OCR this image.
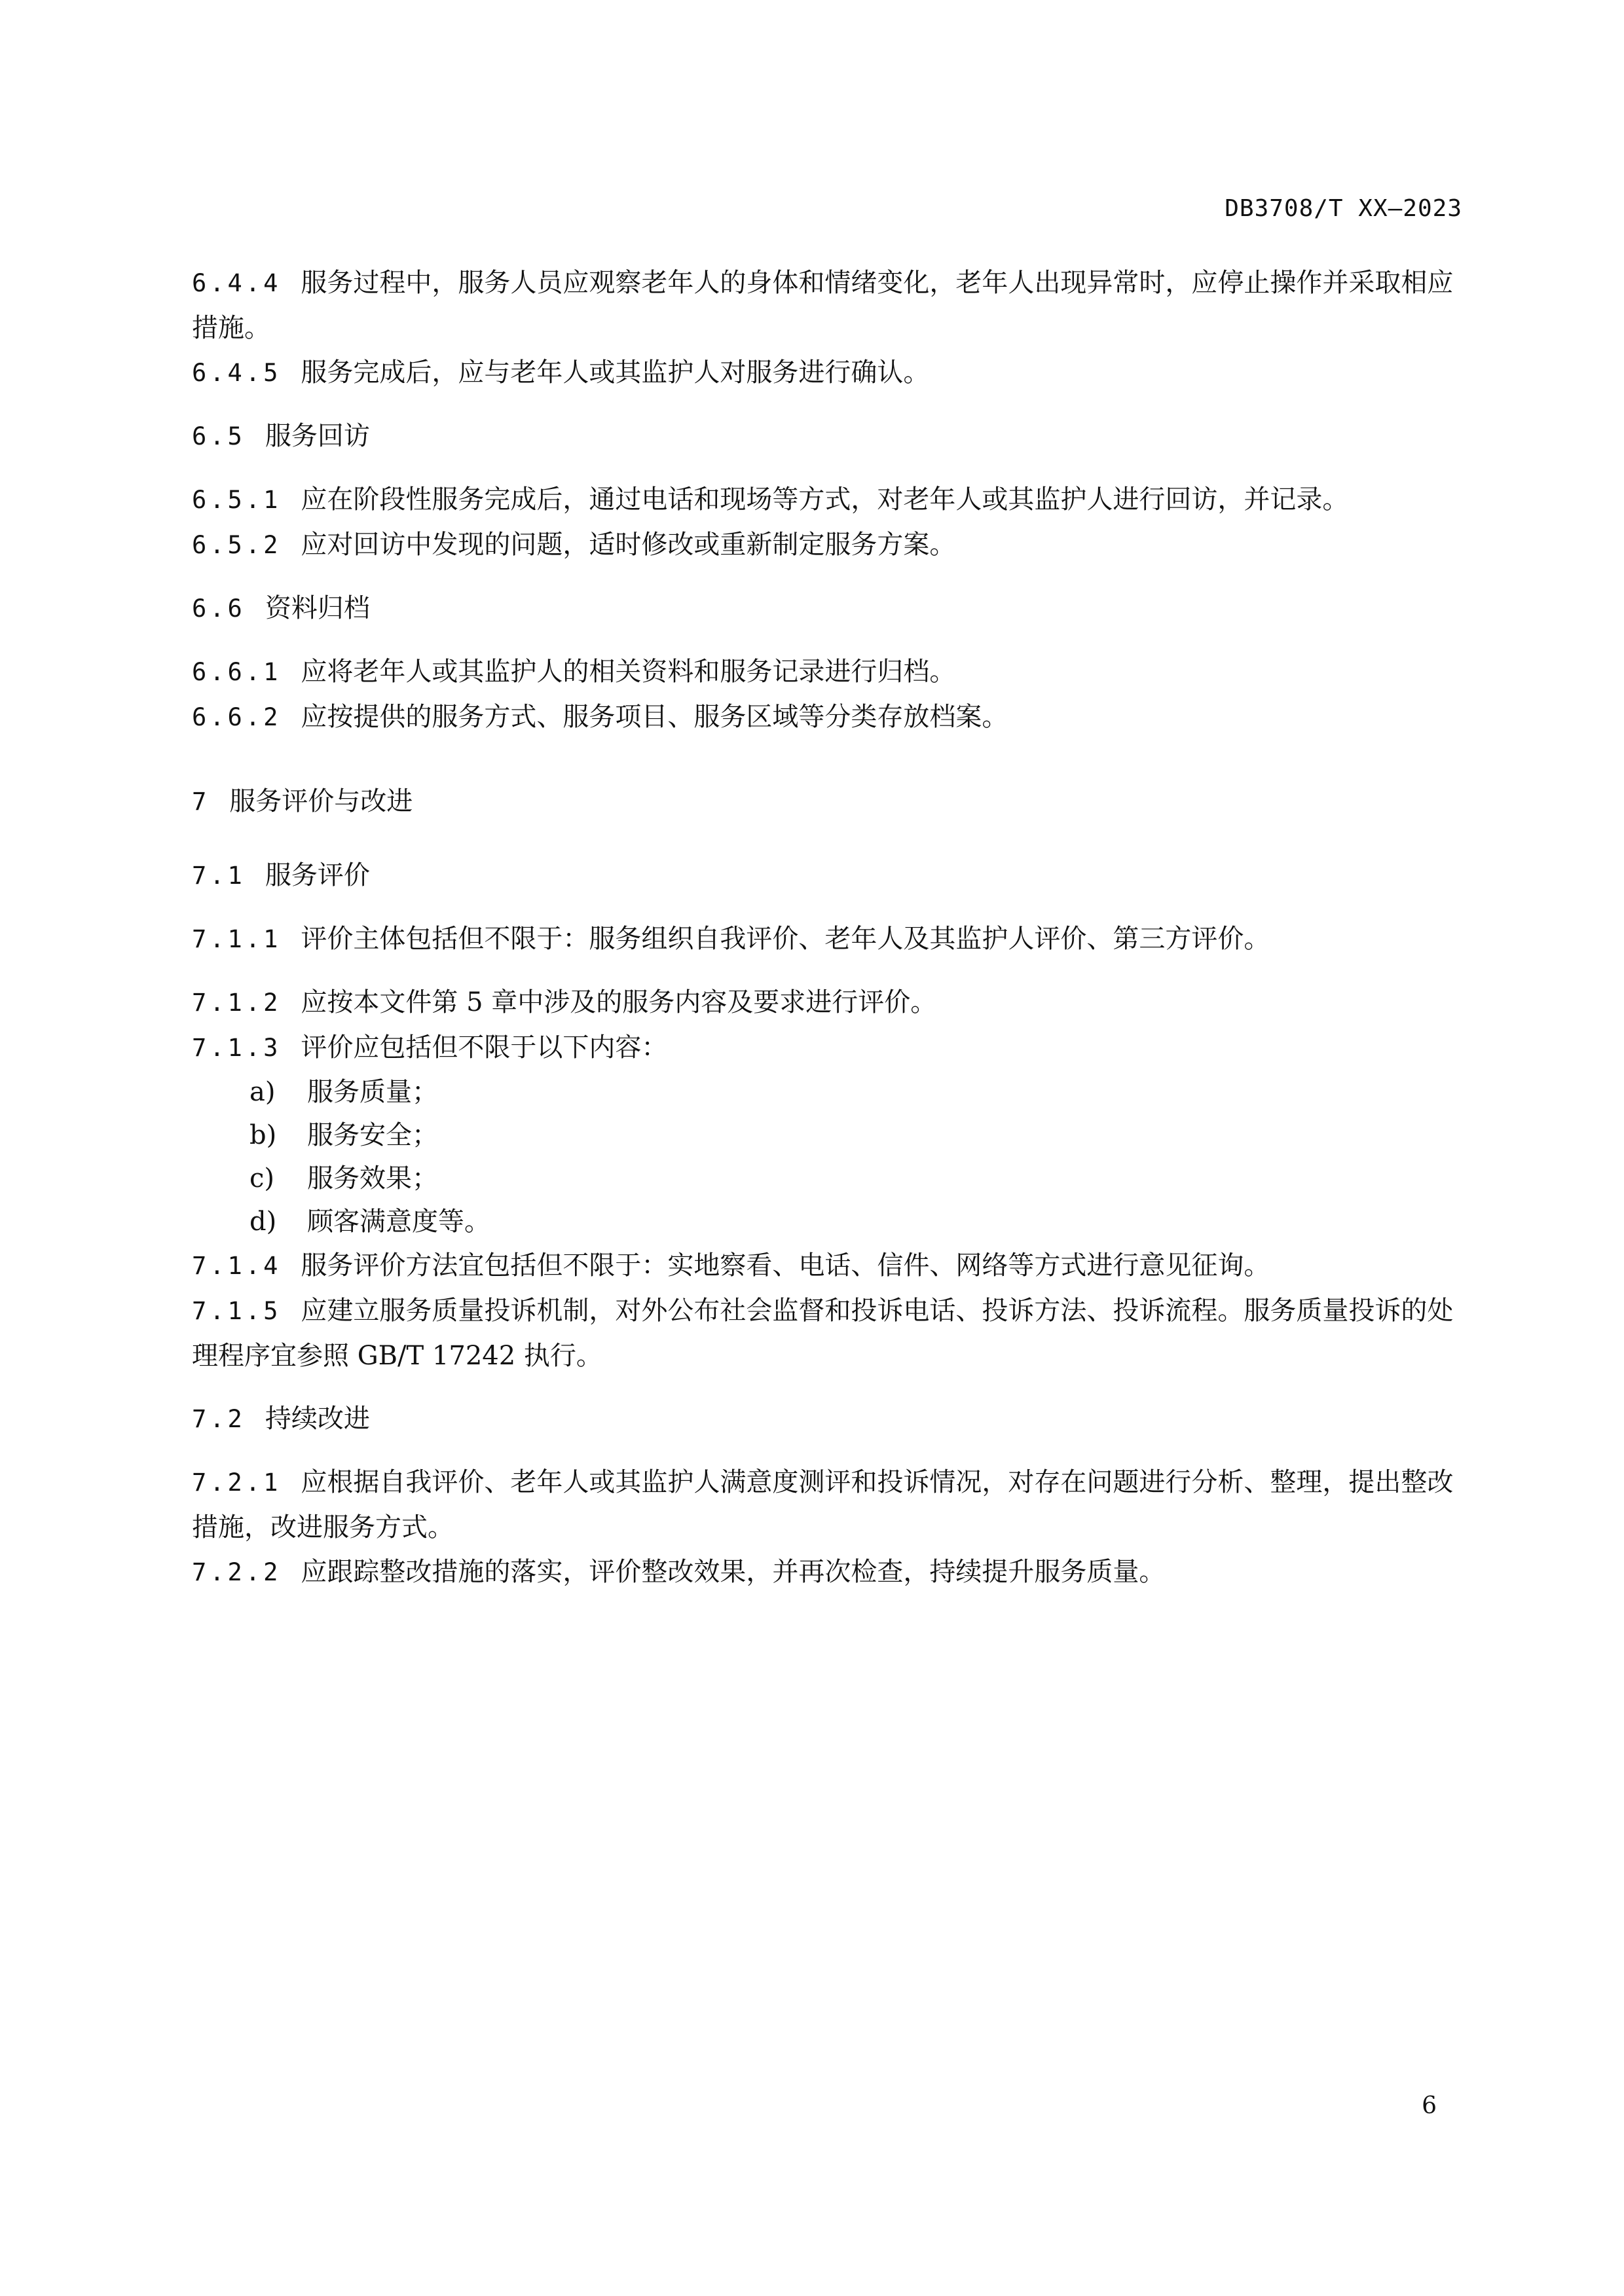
DB3708/T XX—2023

6.4.4 服务过程中，服务人员应观察老年人的身体和情绪变化，老年人出现异常时，应停止操作并采取相应措施。

6.4.5 服务完成后，应与老年人或其监护人对服务进行确认。

6.5 服务回访

6.5.1 应在阶段性服务完成后，通过电话和现场等方式，对老年人或其监护人进行回访，并记录。

6.5.2 应对回访中发现的问题，适时修改或重新制定服务方案。

6.6 资料归档

6.6.1 应将老年人或其监护人的相关资料和服务记录进行归档。

6.6.2 应按提供的服务方式、服务项目、服务区域等分类存放档案。

7 服务评价与改进

7.1 服务评价

7.1.1 评价主体包括但不限于：服务组织自我评价、老年人及其监护人评价、第三方评价。

7.1.2 应按本文件第 5 章中涉及的服务内容及要求进行评价。

7.1.3 评价应包括但不限于以下内容：

a) 服务质量；

b) 服务安全；

c) 服务效果；

d) 顾客满意度等。

7.1.4 服务评价方法宜包括但不限于：实地察看、电话、信件、网络等方式进行意见征询。

7.1.5 应建立服务质量投诉机制，对外公布社会监督和投诉电话、投诉方法、投诉流程。服务质量投诉的处理程序宜参照 GB/T 17242 执行。

7.2 持续改进

7.2.1 应根据自我评价、老年人或其监护人满意度测评和投诉情况，对存在问题进行分析、整理，提出整改措施，改进服务方式。

7.2.2 应跟踪整改措施的落实，评价整改效果，并再次检查，持续提升服务质量。

6
